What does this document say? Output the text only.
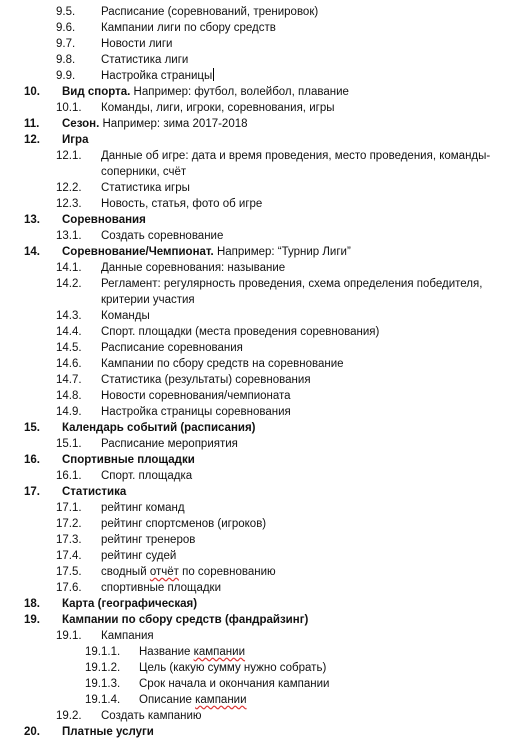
9.5. Расписание (соревнований, тренировок)
9.6. Кампании лиги по сбору средств
9.7. Новости лиги
9.8. Статистика лиги
9.9. Настройка страницы
10. Вид спорта. Например: футбол, волейбол, плавание
10.1. Команды, лиги, игроки, соревнования, игры
11. Сезон. Например: зима 2017-2018
12. Игра
12.1. Данные об игре: дата и время проведения, место проведения, команды-соперники, счёт
12.2. Статистика игры
12.3. Новость, статья, фото об игре
13. Соревнования
13.1. Создать соревнование
14. Соревнование/Чемпионат. Например: “Турнир Лиги”
14.1. Данные соревнования: называние
14.2. Регламент: регулярность проведения, схема определения победителя, критерии участия
14.3. Команды
14.4. Спорт. площадки (места проведения соревнования)
14.5. Расписание соревнования
14.6. Кампании по сбору средств на соревнование
14.7. Статистика (результаты) соревнования
14.8. Новости соревнования/чемпионата
14.9. Настройка страницы соревнования
15. Календарь событий (расписания)
15.1. Расписание мероприятия
16. Спортивные площадки
16.1. Спорт. площадка
17. Статистика
17.1. рейтинг команд
17.2. рейтинг спортсменов (игроков)
17.3. рейтинг тренеров
17.4. рейтинг судей
17.5. сводный отчёт по соревнованию
17.6. спортивные площадки
18. Карта (географическая)
19. Кампании по сбору средств (фандрайзинг)
19.1. Кампания
19.1.1. Название кампании
19.1.2. Цель (какую сумму нужно собрать)
19.1.3. Срок начала и окончания кампании
19.1.4. Описание кампании
19.2. Создать кампанию
20. Платные услуги
